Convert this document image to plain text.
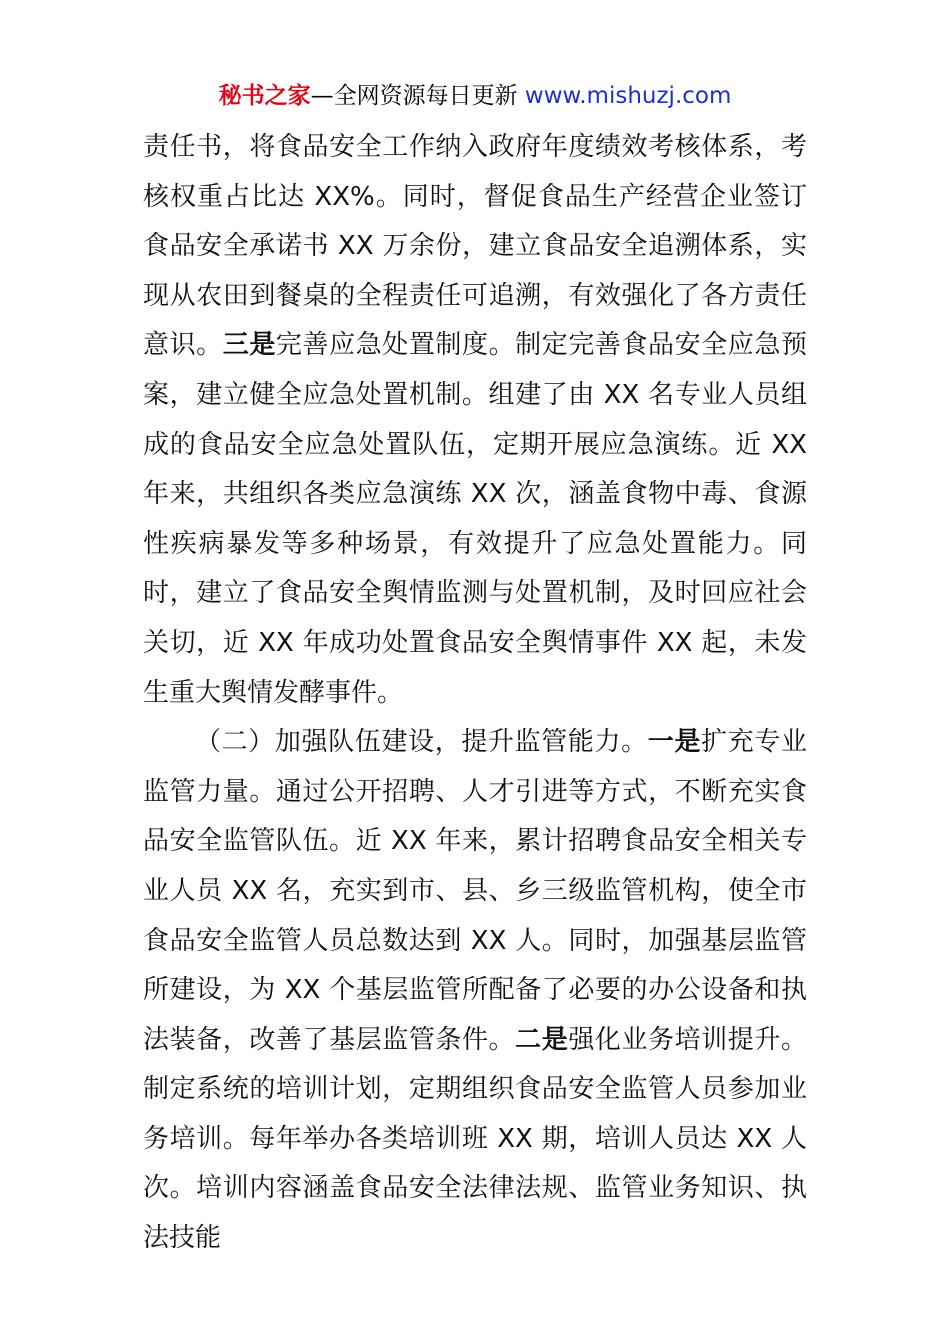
秘书之家—全网资源每日更新 www.mishuzj.com

责任书，将食品安全工作纳入政府年度绩效考核体系，考核权重占比达 XX%。同时，督促食品生产经营企业签订食品安全承诺书 XX 万余份，建立食品安全追溯体系，实现从农田到餐桌的全程责任可追溯，有效强化了各方责任意识。三是完善应急处置制度。制定完善食品安全应急预案，建立健全应急处置机制。组建了由 XX 名专业人员组成的食品安全应急处置队伍，定期开展应急演练。近 XX 年来，共组织各类应急演练 XX 次，涵盖食物中毒、食源性疾病暴发等多种场景，有效提升了应急处置能力。同时，建立了食品安全舆情监测与处置机制，及时回应社会关切，近 XX 年成功处置食品安全舆情事件 XX 起，未发生重大舆情发酵事件。

（二）加强队伍建设，提升监管能力。一是扩充专业监管力量。通过公开招聘、人才引进等方式，不断充实食品安全监管队伍。近 XX 年来，累计招聘食品安全相关专业人员 XX 名，充实到市、县、乡三级监管机构，使全市食品安全监管人员总数达到 XX 人。同时，加强基层监管所建设，为 XX 个基层监管所配备了必要的办公设备和执法装备，改善了基层监管条件。二是强化业务培训提升。制定系统的培训计划，定期组织食品安全监管人员参加业务培训。每年举办各类培训班 XX 期，培训人员达 XX 人次。培训内容涵盖食品安全法律法规、监管业务知识、执法技能
